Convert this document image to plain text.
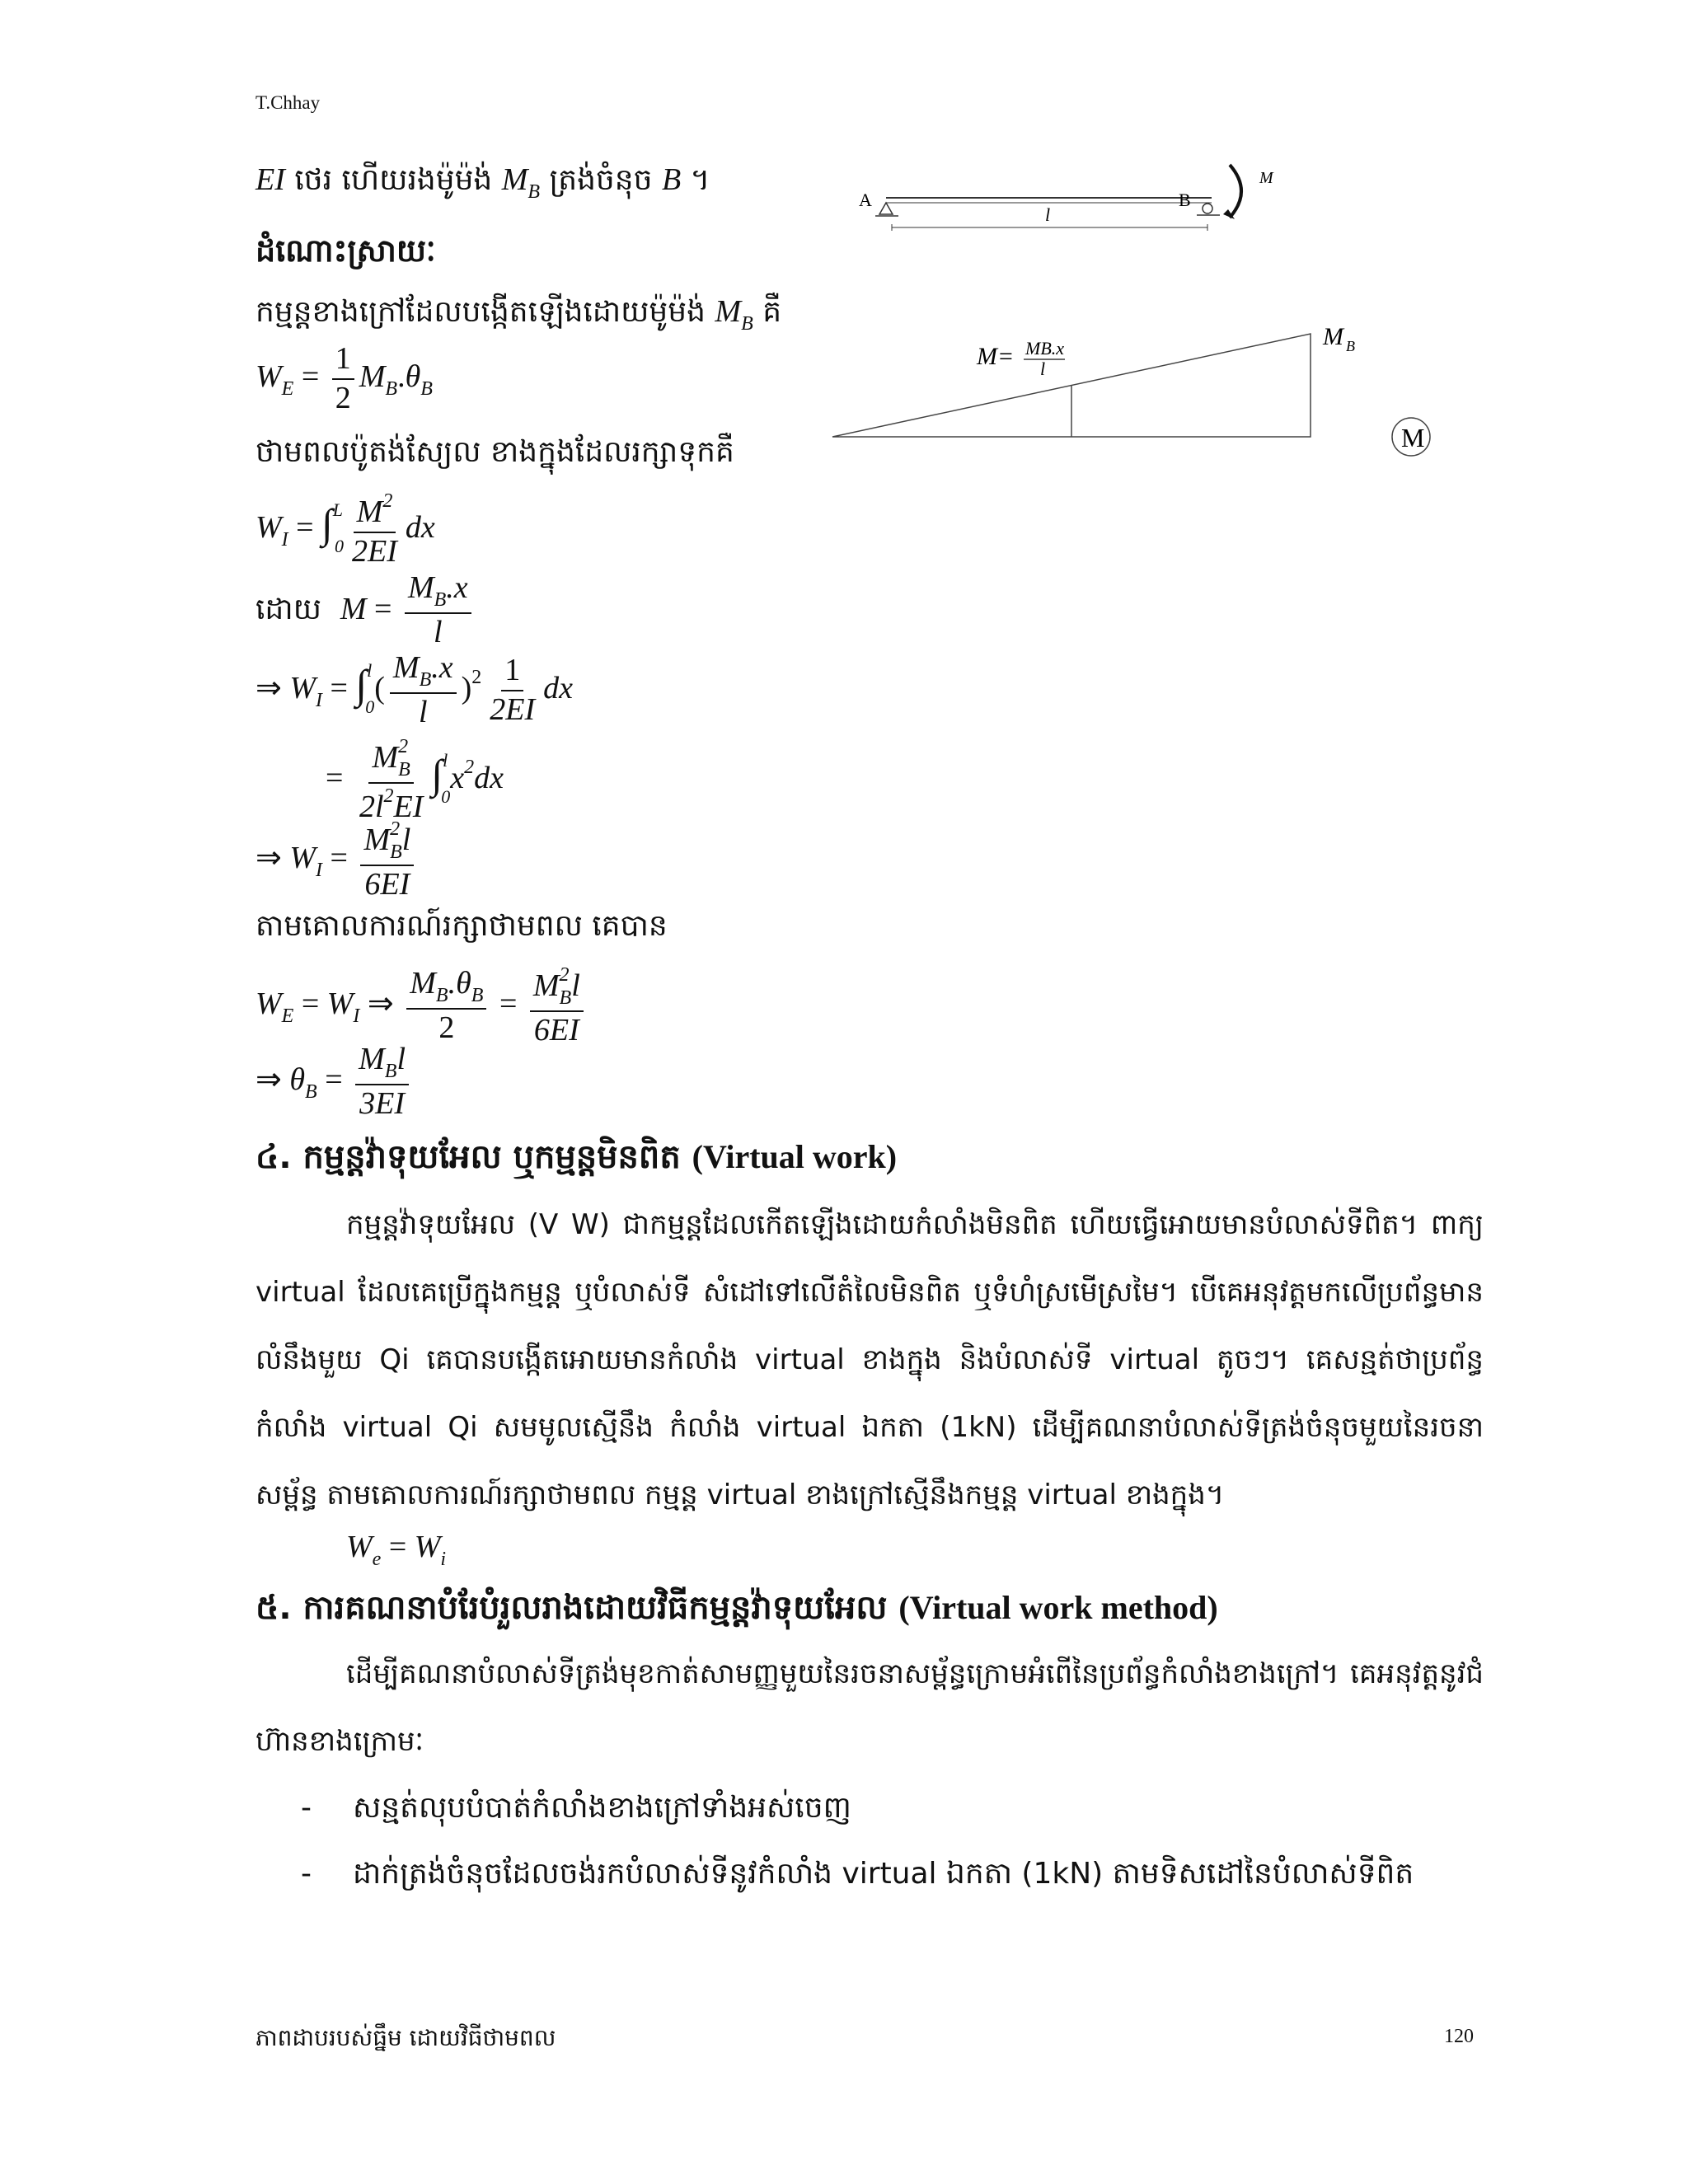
T.Chhay
EI ថេរ ហើយរងម៉ូម៉ង់ $M_B$ ត្រង់ចំនុច B ។
ដំណោះស្រាយៈ
កម្មន្តខាងក្រៅដែលបង្កើតឡើងដោយម៉ូម៉ង់ $M_B$ គឺ
$W_E = \frac{1}{2} M_B.\theta_B$
ថាមពលប៉ូតង់ស្យែល ខាងក្នុងដែលរក្សាទុកគឺ
$W_I = \int^L_0 \frac{M^2}{2EI}$ dx
ដោយ $M = \frac{M_B.x}{l}$
⇒ $W_I = \int^l_0( \frac{M_B.x}{l} )^2 \frac{1}{2EI}$ dx
= $\frac{M^2_B}{2l^2EI} \int^l_0x^2dx$
⇒ $W_I = \frac{M^2_Bl}{6EI}$
តាមគោលការណ៍រក្សាថាមពល គេបាន
$W_E = W_I$ ⇒ $\frac{M_B.\theta_B}{2} = \frac{M^2_Bl}{6EI}$
⇒ $\theta_B = \frac{M_Bl}{3EI}$
៤. កម្មន្តវ៉ាទុយអែល ឬកម្មន្តមិនពិត (Virtual work)
កម្មន្តវ៉ាទុយអែល (V W) ជាកម្មន្តដែលកើតឡើងដោយកំលាំងមិនពិត ហើយធ្វើអោយមានបំលាស់ទីពិត។ ពាក្យ virtual ដែលគេប្រើក្នុងកម្មន្ត ឬបំលាស់ទី សំដៅទៅលើតំលៃមិនពិត ឬទំហំស្រមើស្រមៃ។ បើគេអនុវត្តមកលើប្រព័ន្ធមានលំនឹងមួយ Qi គេបានបង្កើតអោយមានកំលាំង virtual ខាងក្នុង និងបំលាស់ទី virtual តូចៗ។ គេសន្មត់ថាប្រព័ន្ធកំលាំង virtual Qi សមមូលស្មើនឹង កំលាំង virtual ឯកតា (1kN) ដើម្បីគណនាបំលាស់ទីត្រង់ចំនុចមួយនៃរចនាសម្ព័ន្ធ តាមគោលការណ៍រក្សាថាមពល កម្មន្ត virtual ខាងក្រៅស្មើនឹងកម្មន្ត virtual ខាងក្នុង។
$W_e = W_i$
៥. ការគណនាបំរែបំរួលរាងដោយវិធីកម្មន្តវ៉ាទុយអែល (Virtual work method)
ដើម្បីគណនាបំលាស់ទីត្រង់មុខកាត់សាមញ្ញមួយនៃរចនាសម្ព័ន្ធក្រោមអំពើនៃប្រព័ន្ធកំលាំងខាងក្រៅ។ គេអនុវត្តនូវជំហ៊ានខាងក្រោមៈ
- សន្មត់លុបបំបាត់កំលាំងខាងក្រៅទាំងអស់ចេញ
- ដាក់ត្រង់ចំនុចដែលចង់រកបំលាស់ទីនូវកំលាំង virtual ឯកតា (1kN) តាមទិសដៅនៃបំលាស់ទីពិត
A	B
l
M
M= MB.x
l
M B
M
ភាពដាបរបស់ធ្នឹម ដោយវិធីថាមពល	120
